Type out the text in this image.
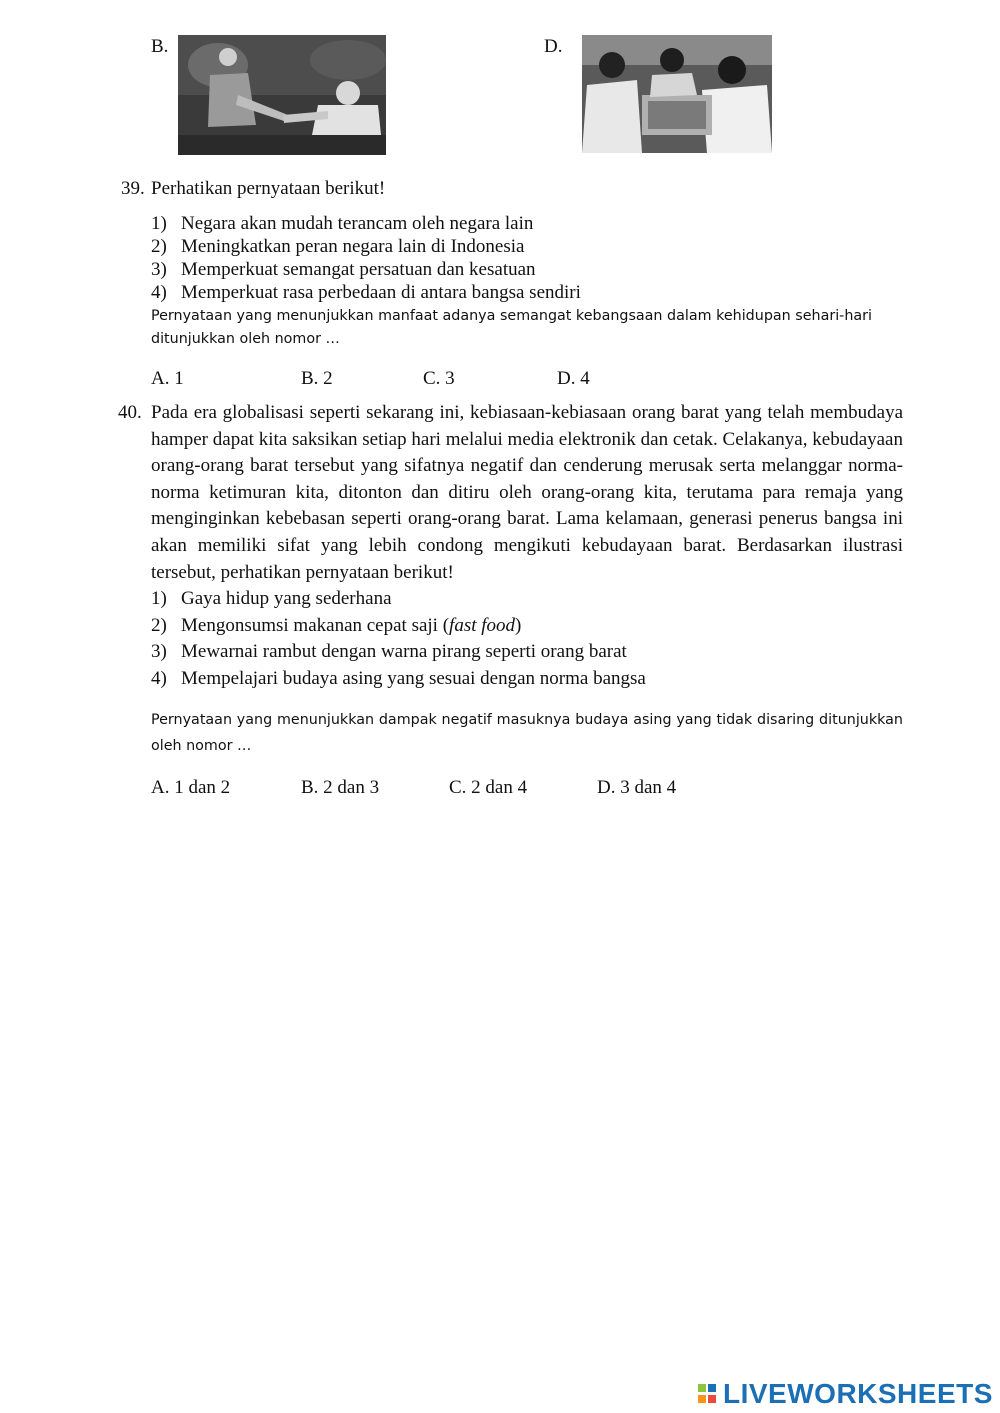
B.	D.
39. Perhatikan pernyataan berikut!
1) Negara akan mudah terancam oleh negara lain
2) Meningkatkan peran negara lain di Indonesia
3) Memperkuat semangat persatuan dan kesatuan
4) Memperkuat rasa perbedaan di antara bangsa sendiri
Pernyataan yang menunjukkan manfaat adanya semangat kebangsaan dalam kehidupan sehari-hari ditunjukkan oleh nomor …
A. 1	B. 2	C. 3	D. 4
40. Pada era globalisasi seperti sekarang ini, kebiasaan-kebiasaan orang barat yang telah membudaya hamper dapat kita saksikan setiap hari melalui media elektronik dan cetak. Celakanya, kebudayaan orang-orang barat tersebut yang sifatnya negatif dan cenderung merusak serta melanggar norma-norma ketimuran kita, ditonton dan ditiru oleh orang-orang kita, terutama para remaja yang menginginkan kebebasan seperti orang-orang barat. Lama kelamaan, generasi penerus bangsa ini akan memiliki sifat yang lebih condong mengikuti kebudayaan barat. Berdasarkan ilustrasi tersebut, perhatikan pernyataan berikut!
1) Gaya hidup yang sederhana
2) Mengonsumsi makanan cepat saji (fast food)
3) Mewarnai rambut dengan warna pirang seperti orang barat
4) Mempelajari budaya asing yang sesuai dengan norma bangsa
Pernyataan yang menunjukkan dampak negatif masuknya budaya asing yang tidak disaring ditunjukkan oleh nomor …
A. 1 dan 2	B. 2 dan 3	C. 2 dan 4	D. 3 dan 4
LIVEWORKSHEETS
